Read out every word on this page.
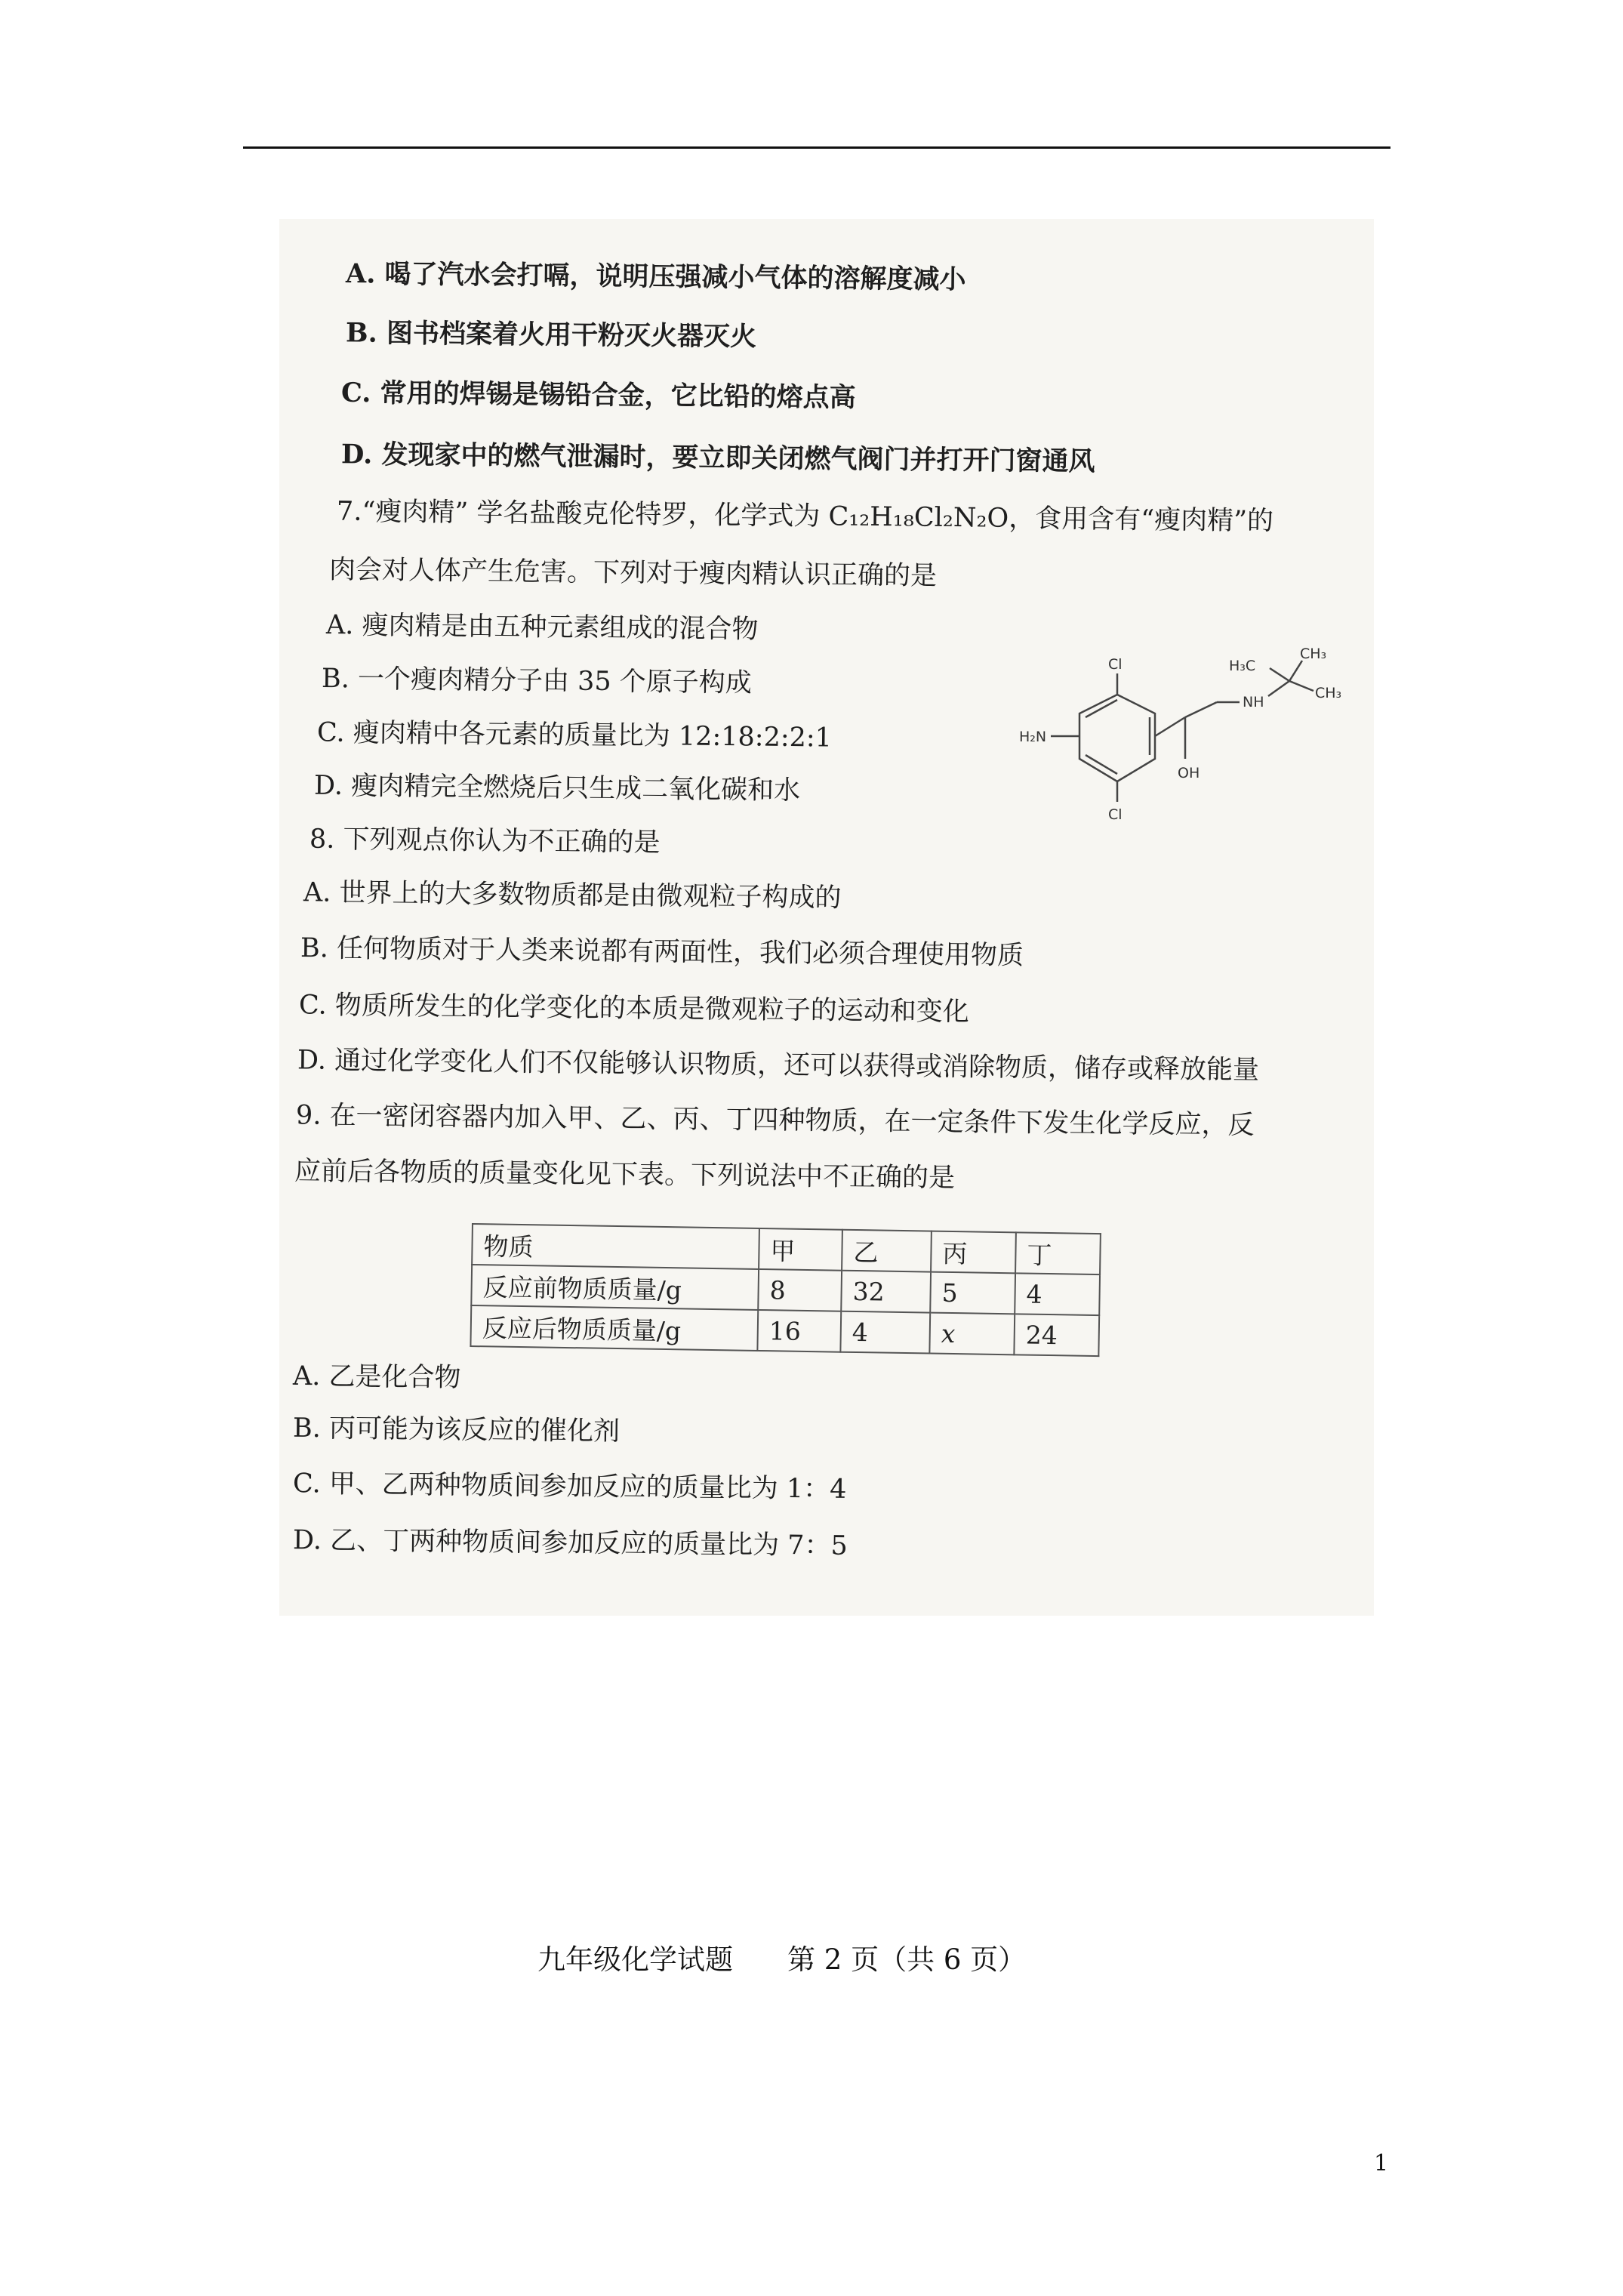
A. 喝了汽水会打嗝，说明压强减小气体的溶解度减小
B. 图书档案着火用干粉灭火器灭火
C. 常用的焊锡是锡铅合金，它比铅的熔点高
D. 发现家中的燃气泄漏时，要立即关闭燃气阀门并打开门窗通风
7.“瘦肉精” 学名盐酸克伦特罗，化学式为 C₁₂H₁₈Cl₂N₂O，食用含有“瘦肉精”的
肉会对人体产生危害。下列对于瘦肉精认识正确的是
A. 瘦肉精是由五种元素组成的混合物
B. 一个瘦肉精分子由 35 个原子构成
C. 瘦肉精中各元素的质量比为 12:18:2:2:1
D. 瘦肉精完全燃烧后只生成二氧化碳和水
Cl
Cl
H₂N
OH
NH
H₃C
CH₃
CH₃
8. 下列观点你认为不正确的是
A. 世界上的大多数物质都是由微观粒子构成的
B. 任何物质对于人类来说都有两面性，我们必须合理使用物质
C. 物质所发生的化学变化的本质是微观粒子的运动和变化
D. 通过化学变化人们不仅能够认识物质，还可以获得或消除物质，储存或释放能量
9. 在一密闭容器内加入甲、乙、丙、丁四种物质，在一定条件下发生化学反应，反
应前后各物质的质量变化见下表。下列说法中不正确的是
物质	甲	乙	丙	丁
反应前物质质量/g	8	32	5	4
反应后物质质量/g	16	4	x	24
A. 乙是化合物
B. 丙可能为该反应的催化剂
C. 甲、乙两种物质间参加反应的质量比为 1：4
D. 乙、丁两种物质间参加反应的质量比为 7：5
九年级化学试题 第 2 页（共 6 页）
1
